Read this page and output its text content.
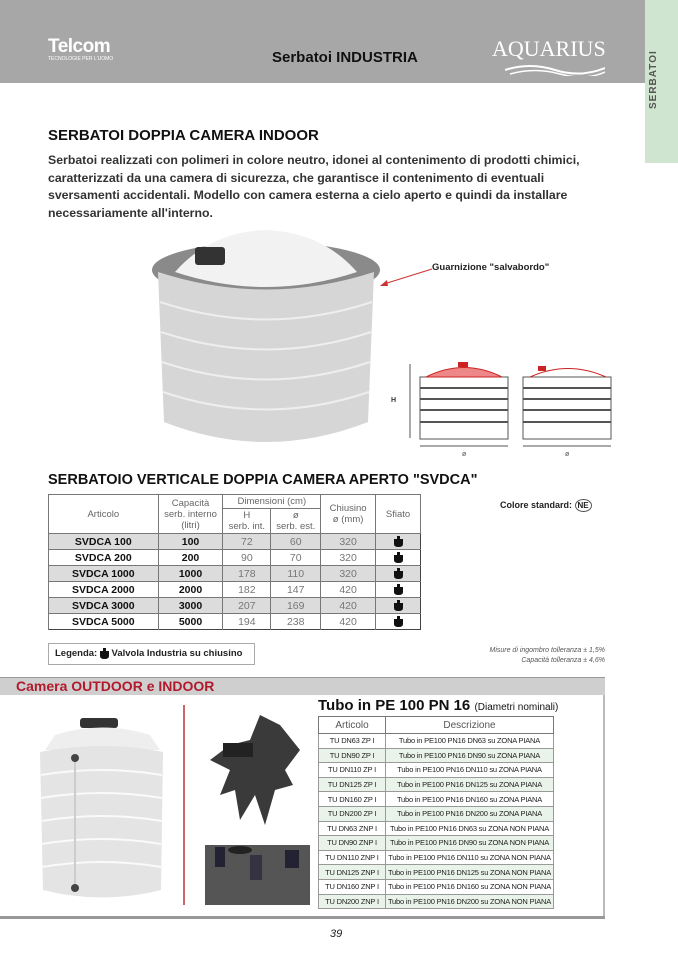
Telcom
TECNOLOGIE PER L'UOMO	Serbatoi INDUSTRIA	AQUARIUS
SERBATOI
SERBATOI DOPPIA CAMERA INDOOR
Serbatoi realizzati con polimeri in colore neutro, idonei al contenimento di prodotti chimici, caratterizzati da una camera di sicurezza, che garantisce il contenimento di eventuali sversamenti accidentali. Modello con camera esterna a cielo aperto e quindi da installare necessariamente all'interno.
Guarnizione "salvabordo"
H
ø	ø
SERBATOIO VERTICALE DOPPIA CAMERA APERTO "SVDCA"
Articolo	Capacità
serb. interno (litri)	Dimensioni (cm)		Chiusino
ø (mm)	Sfiato
		H
serb. int.	ø
serb. est.		
SVDCA 100	100	72	60	320	
SVDCA 200	200	90	70	320	
SVDCA 1000	1000	178	110	320	
SVDCA 2000	2000	182	147	420	
SVDCA 3000	3000	207	169	420	
SVDCA 5000	5000	194	238	420	
Legenda: Valvola Industria su chiusino
Colore standard: NE
Misure di ingombro tolleranza ± 1,5%
Capacità tolleranza ± 4,6%
Camera OUTDOOR e INDOOR
Tubo in PE 100 PN 16 (Diametri nominali)
Articolo	Descrizione
TU DN63 ZP I	Tubo in PE100 PN16 DN63 su ZONA PIANA
TU DN90 ZP I	Tubo in PE100 PN16 DN90 su ZONA PIANA
TU DN110 ZP I	Tubo in PE100 PN16 DN110 su ZONA PIANA
TU DN125 ZP I	Tubo in PE100 PN16 DN125 su ZONA PIANA
TU DN160 ZP I	Tubo in PE100 PN16 DN160 su ZONA PIANA
TU DN200 ZP I	Tubo in PE100 PN16 DN200 su ZONA PIANA
TU DN63 ZNP I	Tubo in PE100 PN16 DN63 su ZONA NON PIANA
TU DN90 ZNP I	Tubo in PE100 PN16 DN90 su ZONA NON PIANA
TU DN110 ZNP I	Tubo in PE100 PN16 DN110 su ZONA NON PIANA
TU DN125 ZNP I	Tubo in PE100 PN16 DN125 su ZONA NON PIANA
TU DN160 ZNP I	Tubo in PE100 PN16 DN160 su ZONA NON PIANA
TU DN200 ZNP I	Tubo in PE100 PN16 DN200 su ZONA NON PIANA
39
